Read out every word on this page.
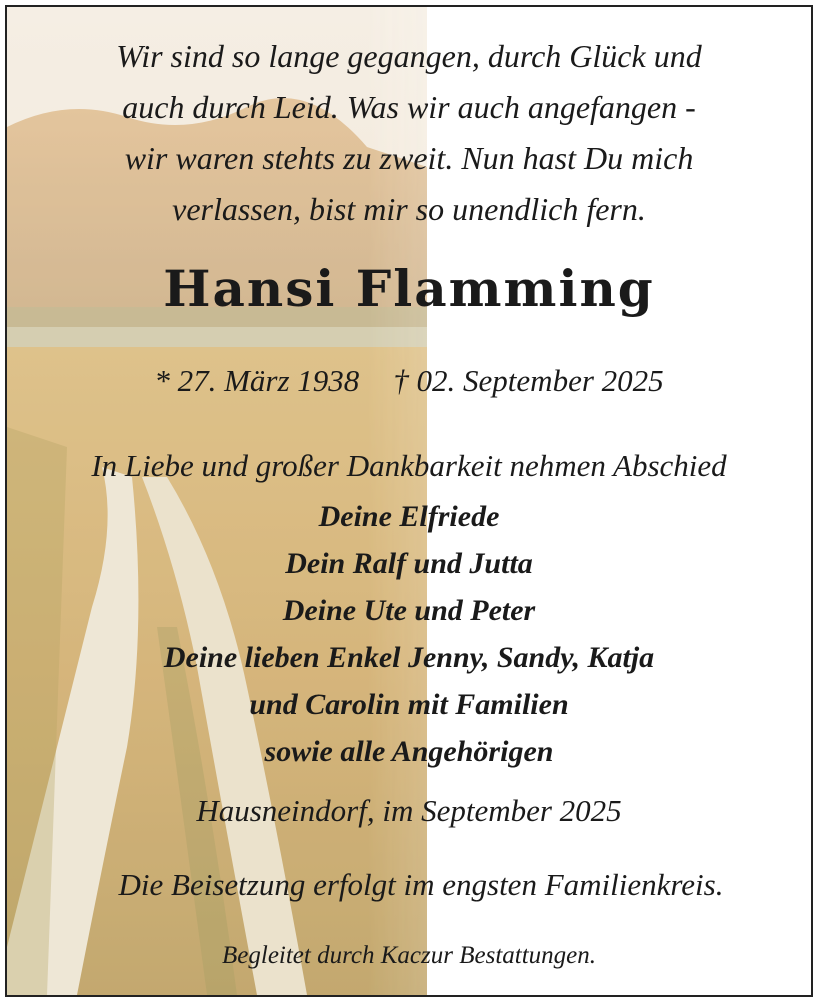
Wir sind so lange gegangen, durch Glück und
auch durch Leid. Was wir auch angefangen -
wir waren stehts zu zweit. Nun hast Du mich
verlassen, bist mir so unendlich fern.
Hansi Flamming
* 27. März 1938 † 02. September 2025
In Liebe und großer Dankbarkeit nehmen Abschied
Deine Elfriede
Dein Ralf und Jutta
Deine Ute und Peter
Deine lieben Enkel Jenny, Sandy, Katja
und Carolin mit Familien
sowie alle Angehörigen
Hausneindorf, im September 2025
Die Beisetzung erfolgt im engsten Familienkreis.
Begleitet durch Kaczur Bestattungen.
